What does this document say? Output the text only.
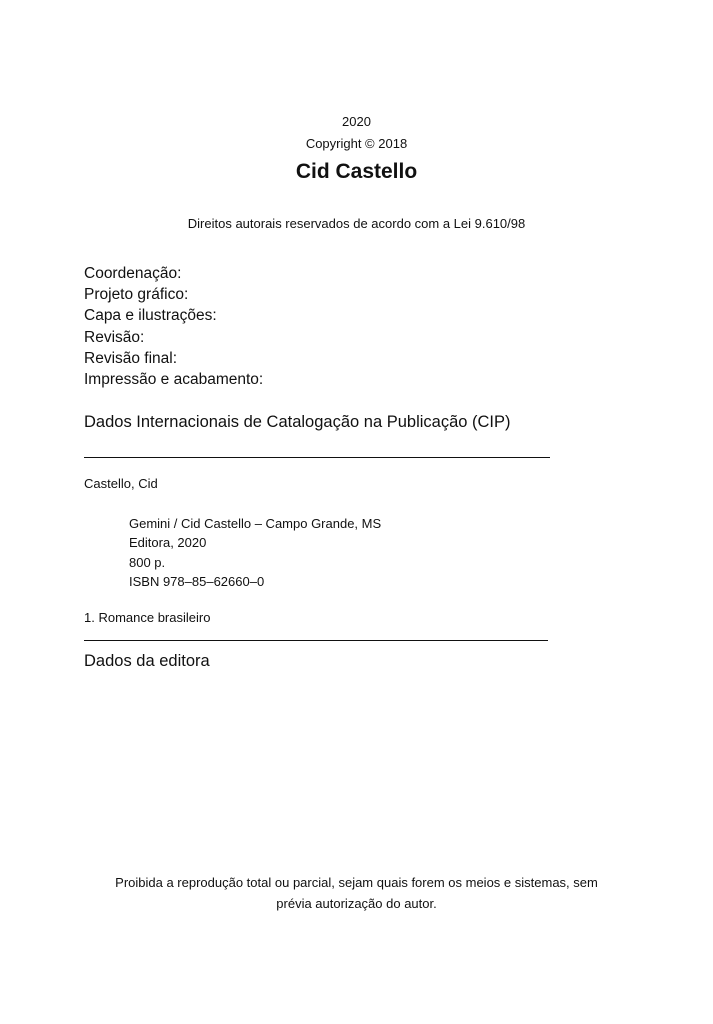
2020
Copyright © 2018
Cid Castello
Direitos autorais reservados de acordo com a Lei 9.610/98
Coordenação:
Projeto gráfico:
Capa e ilustrações:
Revisão:
Revisão final:
Impressão e acabamento:
Dados Internacionais de Catalogação na Publicação (CIP)
Castello, Cid
Gemini / Cid Castello – Campo Grande, MS
Editora, 2020
800 p.
ISBN 978–85–62660–0
1. Romance brasileiro
Dados da editora
Proibida a reprodução total ou parcial, sejam quais forem os meios e sistemas, sem
prévia autorização do autor.
